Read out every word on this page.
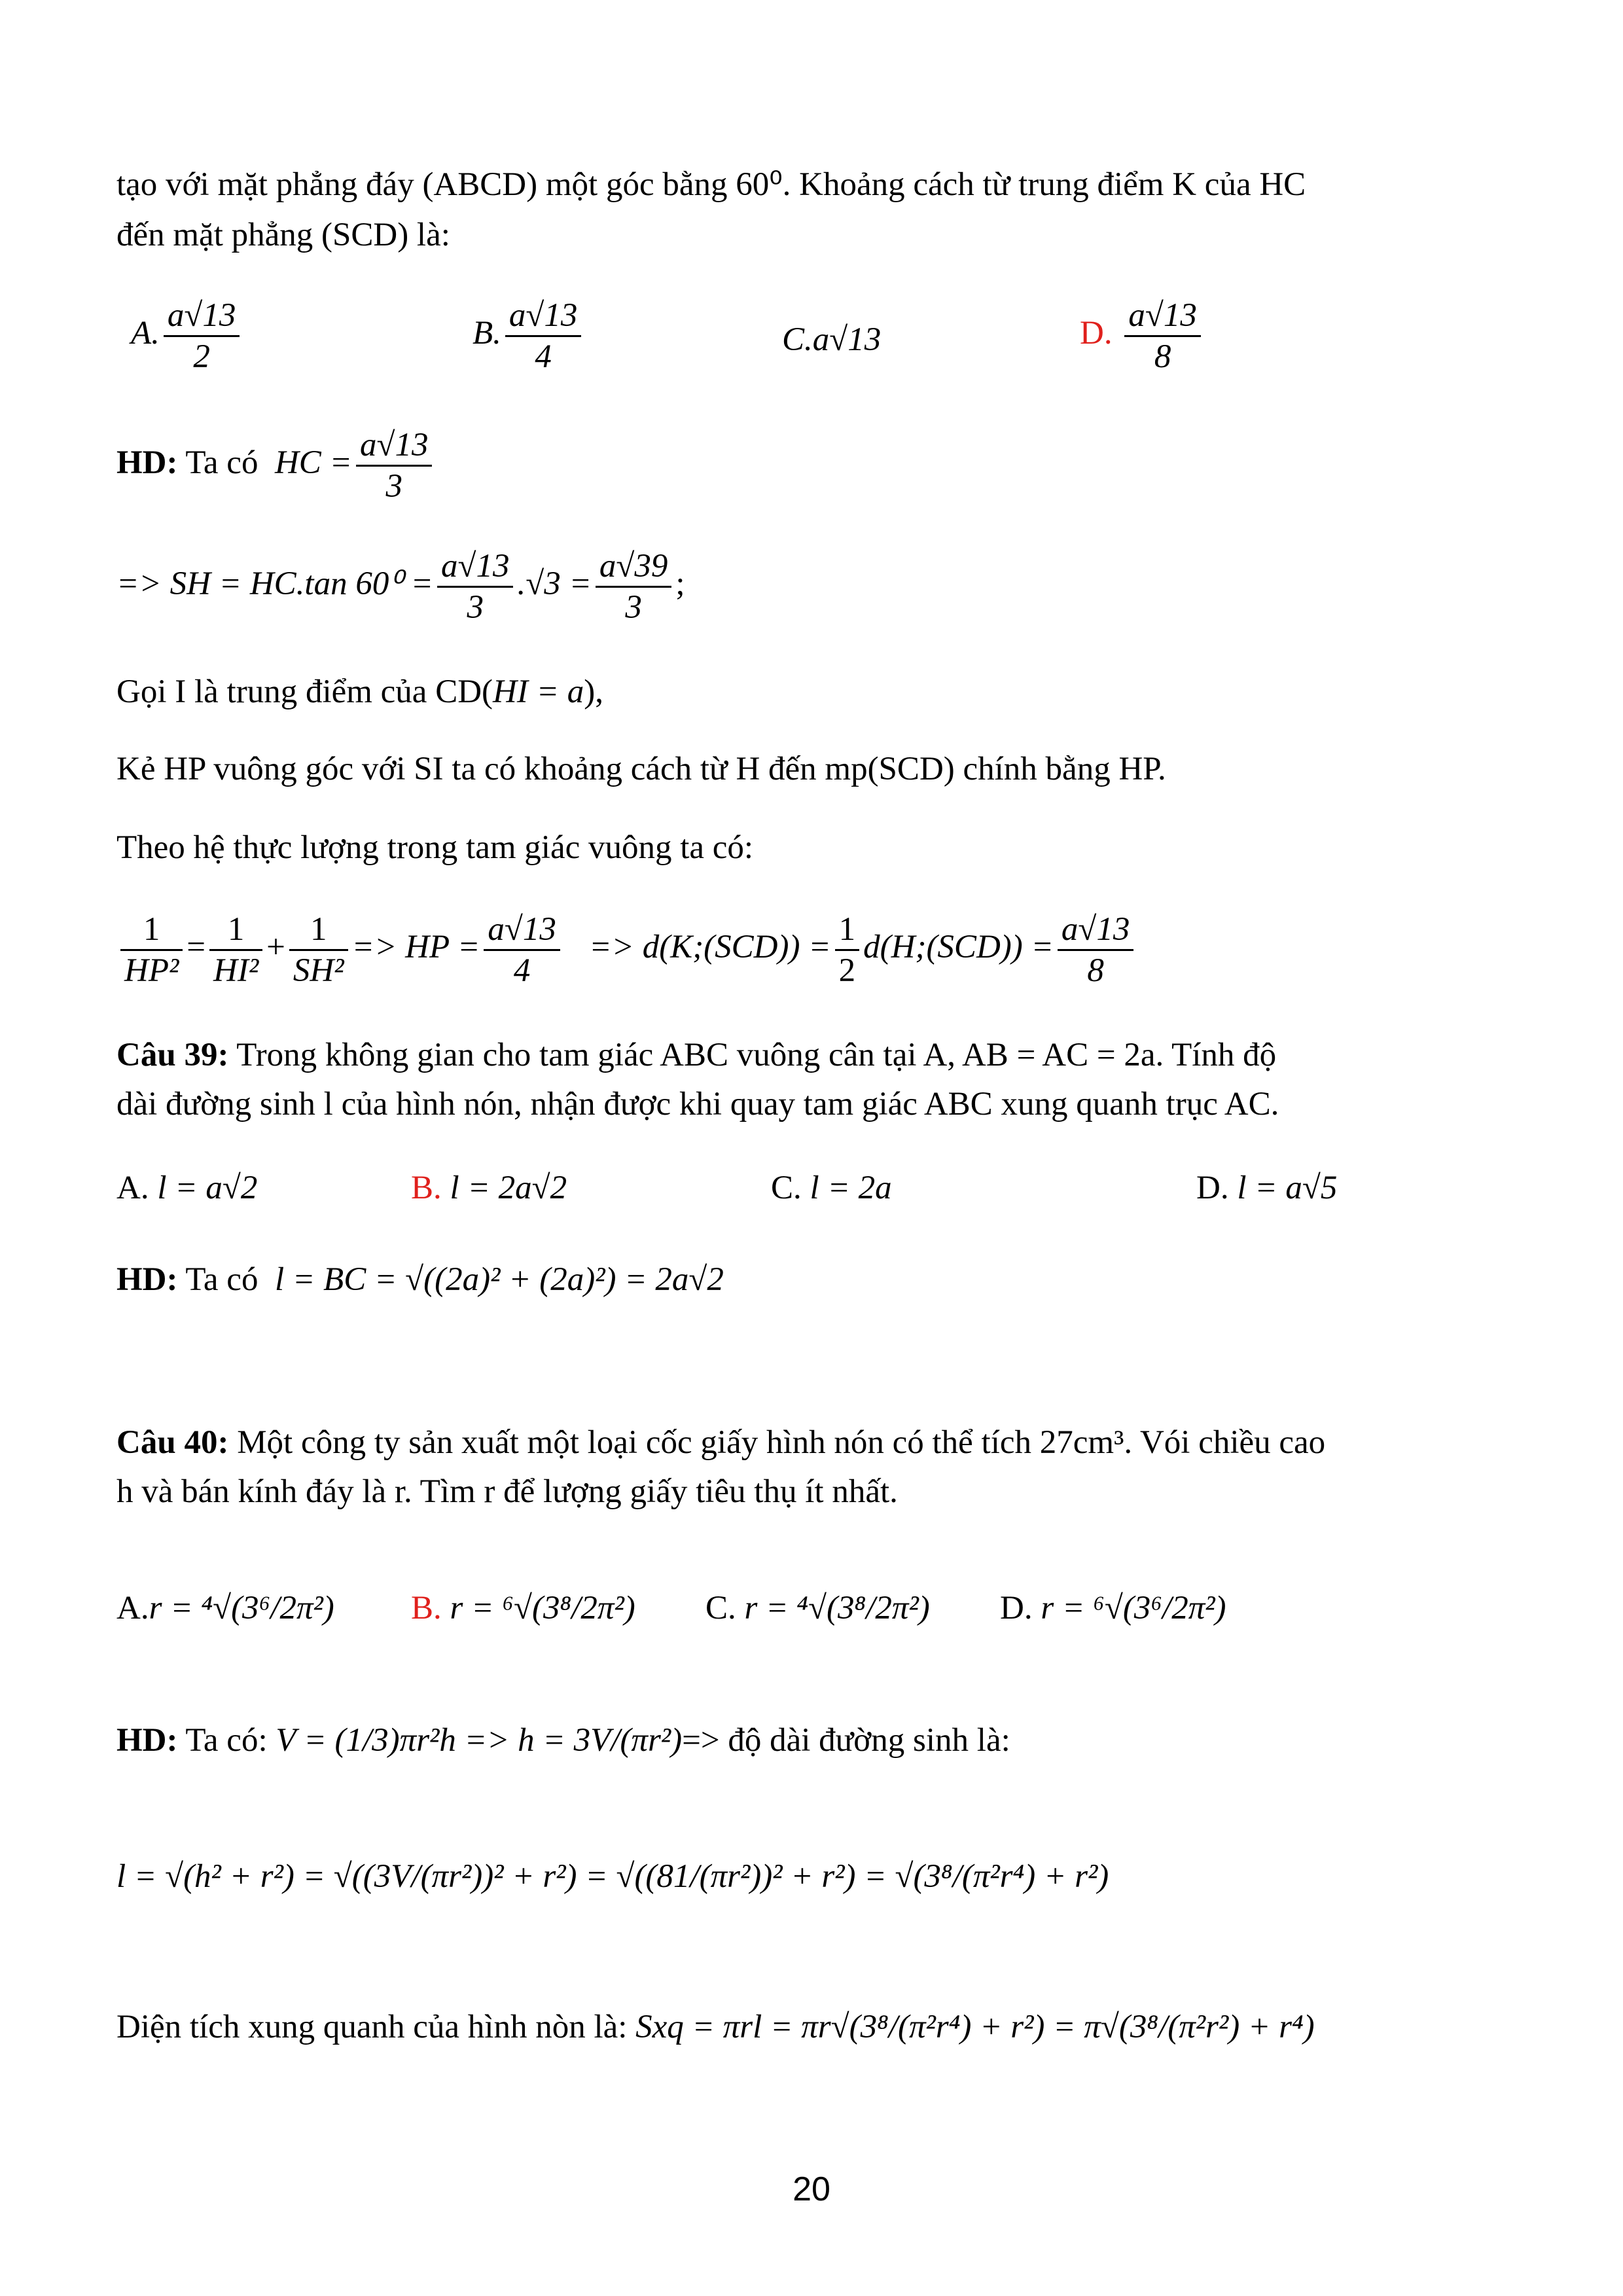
tạo với mặt phẳng đáy (ABCD) một góc bằng 60⁰. Khoảng cách từ trung điểm K của HC
đến mặt phẳng (SCD) là:
A. $\frac{a√13}{2}$	B. $\frac{a√13}{4}$	C.a√13	D. $\frac{a√13}{8}$
HD: Ta có HC = $\frac{a√13}{3}$
=> SH = HC.tan $60^0 = \frac{a√13}{3} .√3 = \frac{a√39}{3}$ ;
Gọi I là trung điểm của CD(HI = a),
Kẻ HP vuông góc với SI ta có khoảng cách từ H đến mp(SCD) chính bằng HP.
Theo hệ thực lượng trong tam giác vuông ta có:
$\frac{1}{\text{HP²}} = \frac{1}{\text{HI²}} + \frac{1}{\text{SH²}}$ => HP = $\frac{a√13}{4}$ => d(K;(SCD)) = $\frac{1}{2}$ d(H;(SCD)) = $\frac{a√13}{8}$
Câu 39: Trong không gian cho tam giác ABC vuông cân tại A, AB = AC = 2a. Tính độ
dài đường sinh l của hình nón, nhận được khi quay tam giác ABC xung quanh trục AC.
A. l = a√2	B. l = 2a√2	C. l = 2a	D. l = a√5
HD: Ta có l = BC = √((2a)² + (2a)²) = 2a√2
Câu 40: Một công ty sản xuất một loại cốc giấy hình nón có thể tích 27cm³. Vói chiều cao
h và bán kính đáy là r. Tìm r để lượng giấy tiêu thụ ít nhất.
A.r = ⁴√(3⁶/2π²) B. r = ⁶√(3⁸/2π²) C. r = ⁴√(3⁸/2π²) D. r = ⁶√(3⁶/2π²)
HD: Ta có: V = (1/3)πr²h => h = 3V/(πr²)=> độ dài đường sinh là:
l = √(h² + r²) = √((3V/(πr²))² + r²) = √((81/(πr²))² + r²) = √(3⁸/(π²r⁴) + r²)
Diện tích xung quanh của hình nòn là: Sxq = πrl = πr√(3⁸/(π²r⁴) + r²) = π√(3⁸/(π²r²) + r⁴)
20
